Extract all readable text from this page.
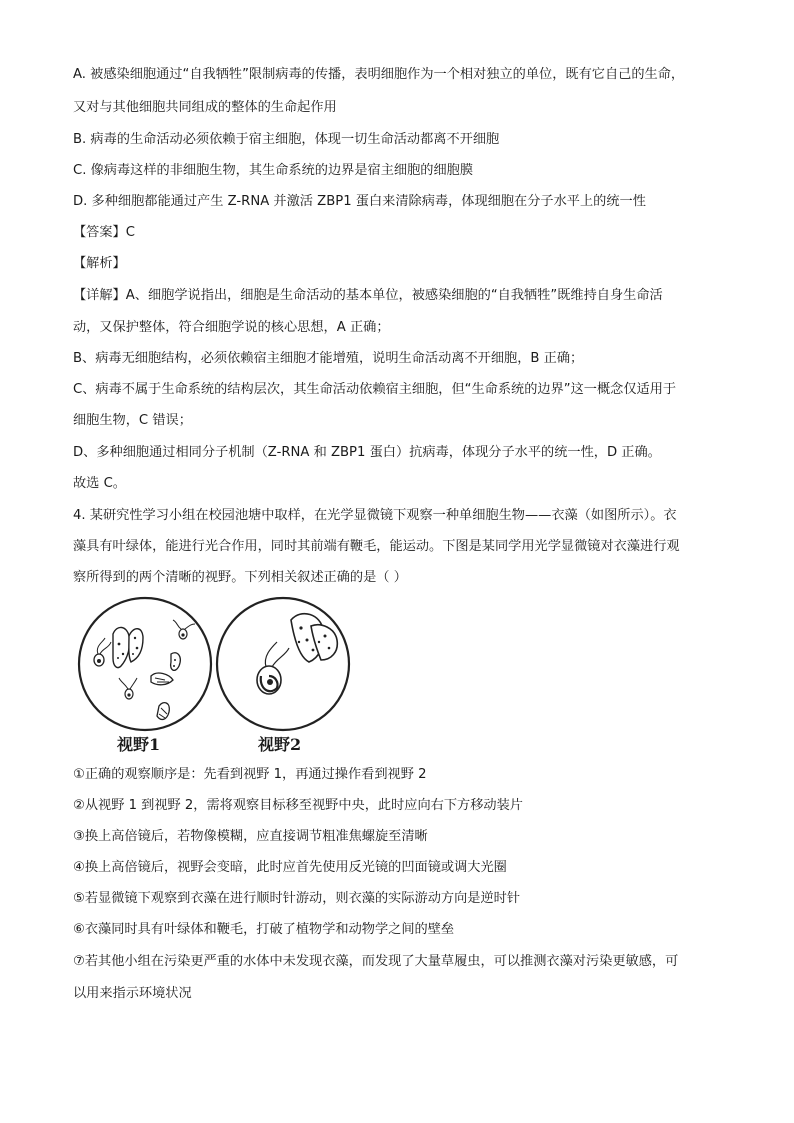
A. 被感染细胞通过“自我牺牲”限制病毒的传播，表明细胞作为一个相对独立的单位，既有它自己的生命，
又对与其他细胞共同组成的整体的生命起作用
B. 病毒的生命活动必须依赖于宿主细胞，体现一切生命活动都离不开细胞
C. 像病毒这样的非细胞生物，其生命系统的边界是宿主细胞的细胞膜
D. 多种细胞都能通过产生 Z-RNA 并激活 ZBP1 蛋白来清除病毒，体现细胞在分子水平上的统一性
【答案】C
【解析】
【详解】A、细胞学说指出，细胞是生命活动的基本单位，被感染细胞的“自我牺牲”既维持自身生命活
动，又保护整体，符合细胞学说的核心思想，A 正确；
B、病毒无细胞结构，必须依赖宿主细胞才能增殖，说明生命活动离不开细胞，B 正确；
C、病毒不属于生命系统的结构层次，其生命活动依赖宿主细胞，但“生命系统的边界”这一概念仅适用于
细胞生物，C 错误；
D、多种细胞通过相同分子机制（Z-RNA 和 ZBP1 蛋白）抗病毒，体现分子水平的统一性，D 正确。
故选 C。
4. 某研究性学习小组在校园池塘中取样，在光学显微镜下观察一种单细胞生物——衣藻（如图所示）。衣
藻具有叶绿体，能进行光合作用，同时其前端有鞭毛，能运动。下图是某同学用光学显微镜对衣藻进行观
察所得到的两个清晰的视野。下列相关叙述正确的是（ ）
视野1	视野2
①正确的观察顺序是：先看到视野 1，再通过操作看到视野 2
②从视野 1 到视野 2，需将观察目标移至视野中央，此时应向右下方移动装片
③换上高倍镜后，若物像模糊，应直接调节粗准焦螺旋至清晰
④换上高倍镜后，视野会变暗，此时应首先使用反光镜的凹面镜或调大光圈
⑤若显微镜下观察到衣藻在进行顺时针游动，则衣藻的实际游动方向是逆时针
⑥衣藻同时具有叶绿体和鞭毛，打破了植物学和动物学之间的壁垒
⑦若其他小组在污染更严重的水体中未发现衣藻，而发现了大量草履虫，可以推测衣藻对污染更敏感，可
以用来指示环境状况
